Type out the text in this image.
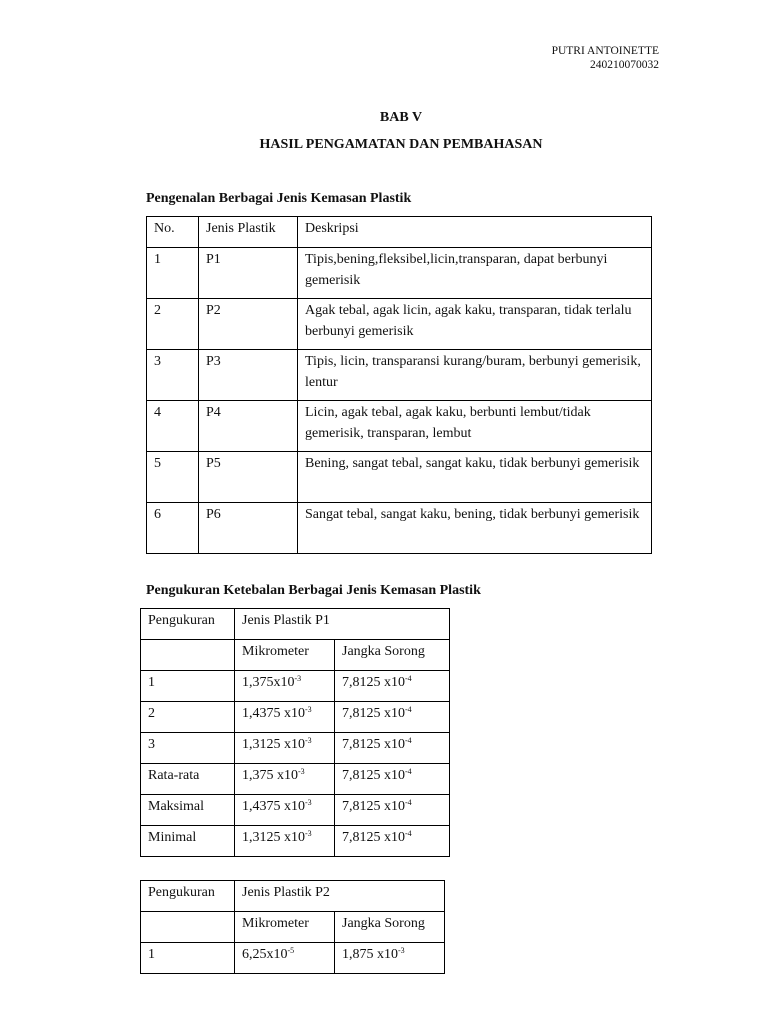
PUTRI ANTOINETTE
240210070032
BAB V
HASIL PENGAMATAN DAN PEMBAHASAN
Pengenalan Berbagai Jenis Kemasan Plastik
No.	Jenis Plastik	Deskripsi
1	P1	Tipis,bening,fleksibel,licin,transparan, dapat berbunyi gemerisik
2	P2	Agak tebal, agak licin, agak kaku, transparan, tidak terlalu berbunyi gemerisik
3	P3	Tipis, licin, transparansi kurang/buram, berbunyi gemerisik, lentur
4	P4	Licin, agak tebal, agak kaku, berbunti lembut/tidak gemerisik, transparan, lembut
5	P5	Bening, sangat tebal, sangat kaku, tidak berbunyi gemerisik
6	P6	Sangat tebal, sangat kaku, bening, tidak berbunyi gemerisik
Pengukuran Ketebalan Berbagai Jenis Kemasan Plastik
Pengukuran	Jenis Plastik P1	
	Mikrometer	Jangka Sorong
1	$1,375x10^{-3}$	7,8125 $x10^{-4}$
2	1,4375 $x10^{-3}$	7,8125 $x10^{-4}$
3	1,3125 $x10^{-3}$	7,8125 $x10^{-4}$
Rata-rata	1,375 $x10^{-3}$	7,8125 $x10^{-4}$
Maksimal	1,4375 $x10^{-3}$	7,8125 $x10^{-4}$
Minimal	1,3125 $x10^{-3}$	7,8125 $x10^{-4}$
Pengukuran	Jenis Plastik P2	
	Mikrometer	Jangka Sorong
1	$6,25x10^{-5}$	1,875 $x10^{-3}$
